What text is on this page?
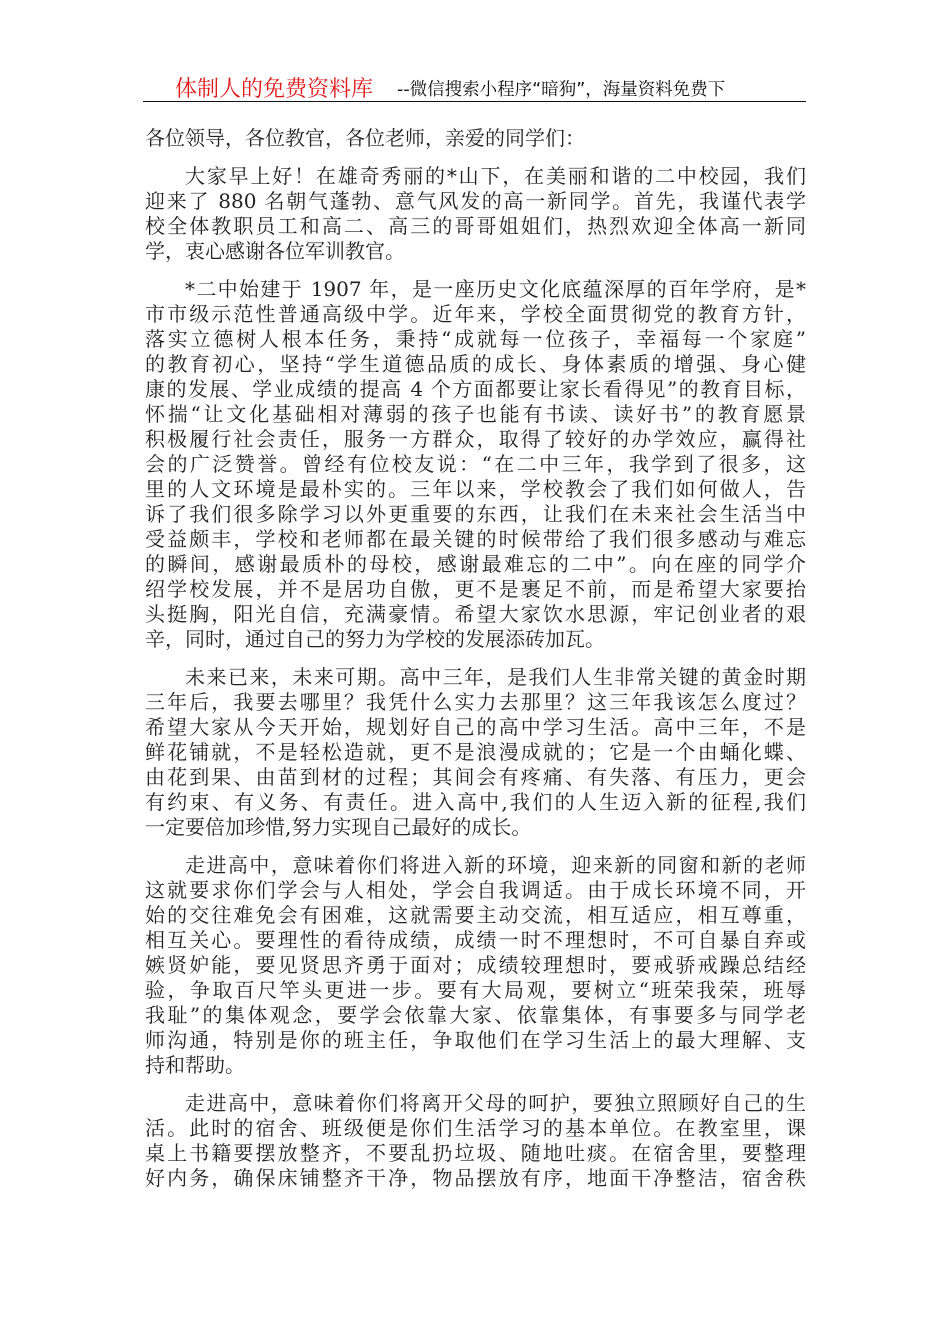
体制人的免费资料库 --微信搜索小程序“暗狗”，海量资料免费下
各位领导，各位教官，各位老师，亲爱的同学们：
大家早上好！在雄奇秀丽的*山下，在美丽和谐的二中校园，我们
迎来了 880 名朝气蓬勃、意气风发的高一新同学。首先，我谨代表学
校全体教职员工和高二、高三的哥哥姐姐们，热烈欢迎全体高一新同
学，衷心感谢各位军训教官。
*二中始建于 1907 年，是一座历史文化底蕴深厚的百年学府，是*
市市级示范性普通高级中学。近年来，学校全面贯彻党的教育方针，
落实立德树人根本任务，秉持“成就每一位孩子，幸福每一个家庭”
的教育初心，坚持“学生道德品质的成长、身体素质的增强、身心健
康的发展、学业成绩的提高 4 个方面都要让家长看得见”的教育目标，
怀揣“让文化基础相对薄弱的孩子也能有书读、读好书”的教育愿景
积极履行社会责任，服务一方群众，取得了较好的办学效应，赢得社
会的广泛赞誉。曾经有位校友说：“在二中三年，我学到了很多，这
里的人文环境是最朴实的。三年以来，学校教会了我们如何做人，告
诉了我们很多除学习以外更重要的东西，让我们在未来社会生活当中
受益颇丰，学校和老师都在最关键的时候带给了我们很多感动与难忘
的瞬间，感谢最质朴的母校，感谢最难忘的二中”。向在座的同学介
绍学校发展，并不是居功自傲，更不是裹足不前，而是希望大家要抬
头挺胸，阳光自信，充满豪情。希望大家饮水思源，牢记创业者的艰
辛，同时，通过自己的努力为学校的发展添砖加瓦。
未来已来，未来可期。高中三年，是我们人生非常关键的黄金时期
三年后，我要去哪里？我凭什么实力去那里？这三年我该怎么度过？
希望大家从今天开始，规划好自己的高中学习生活。高中三年，不是
鲜花铺就，不是轻松造就，更不是浪漫成就的；它是一个由蛹化蝶、
由花到果、由苗到材的过程；其间会有疼痛、有失落、有压力，更会
有约束、有义务、有责任。进入高中,我们的人生迈入新的征程,我们
一定要倍加珍惜,努力实现自己最好的成长。
走进高中，意味着你们将进入新的环境，迎来新的同窗和新的老师
这就要求你们学会与人相处，学会自我调适。由于成长环境不同，开
始的交往难免会有困难，这就需要主动交流，相互适应，相互尊重，
相互关心。要理性的看待成绩，成绩一时不理想时，不可自暴自弃或
嫉贤妒能，要见贤思齐勇于面对；成绩较理想时，要戒骄戒躁总结经
验，争取百尺竿头更进一步。要有大局观，要树立“班荣我荣，班辱
我耻”的集体观念，要学会依靠大家、依靠集体，有事要多与同学老
师沟通，特别是你的班主任，争取他们在学习生活上的最大理解、支
持和帮助。
走进高中，意味着你们将离开父母的呵护，要独立照顾好自己的生
活。此时的宿舍、班级便是你们生活学习的基本单位。在教室里，课
桌上书籍要摆放整齐，不要乱扔垃圾、随地吐痰。在宿舍里，要整理
好内务，确保床铺整齐干净，物品摆放有序，地面干净整洁，宿舍秩
